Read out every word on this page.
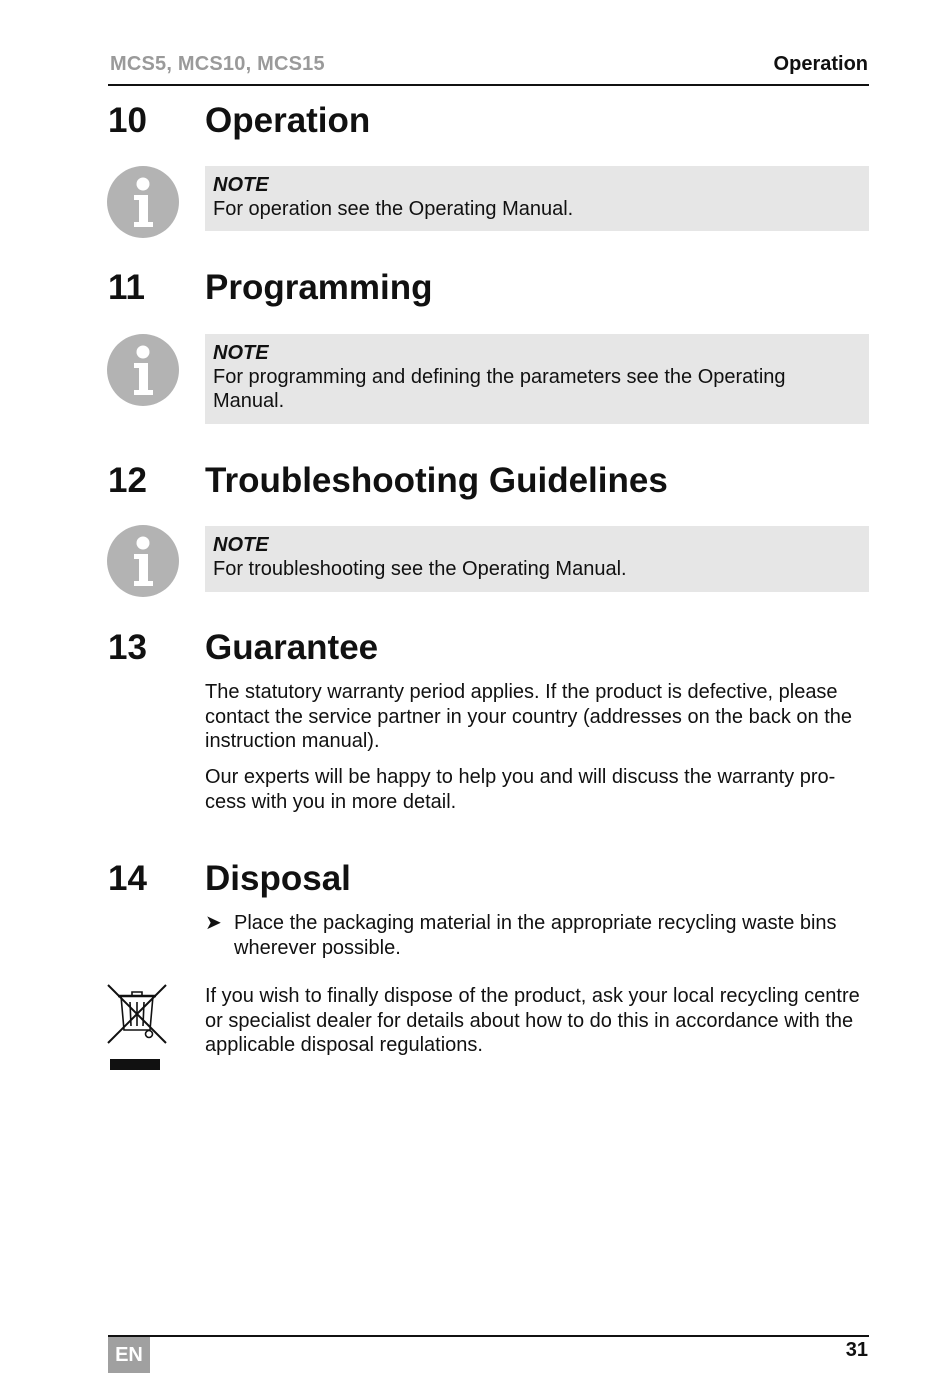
MCS5, MCS10, MCS15	Operation
10 Operation
NOTE
For operation see the Operating Manual.
11 Programming
NOTE
For programming and defining the parameters see the Operating Manual.
12 Troubleshooting Guidelines
NOTE
For troubleshooting see the Operating Manual.
13 Guarantee

The statutory warranty period applies. If the product is defective, please contact the service partner in your country (addresses on the back on the instruction manual).

Our experts will be happy to help you and will discuss the warranty pro-cess with you in more detail.

14 Disposal
➤ Place the packaging material in the appropriate recycling waste bins wherever possible.

If you wish to finally dispose of the product, ask your local recycling centre or specialist dealer for details about how to do this in accordance with the applicable disposal regulations.

EN	31
